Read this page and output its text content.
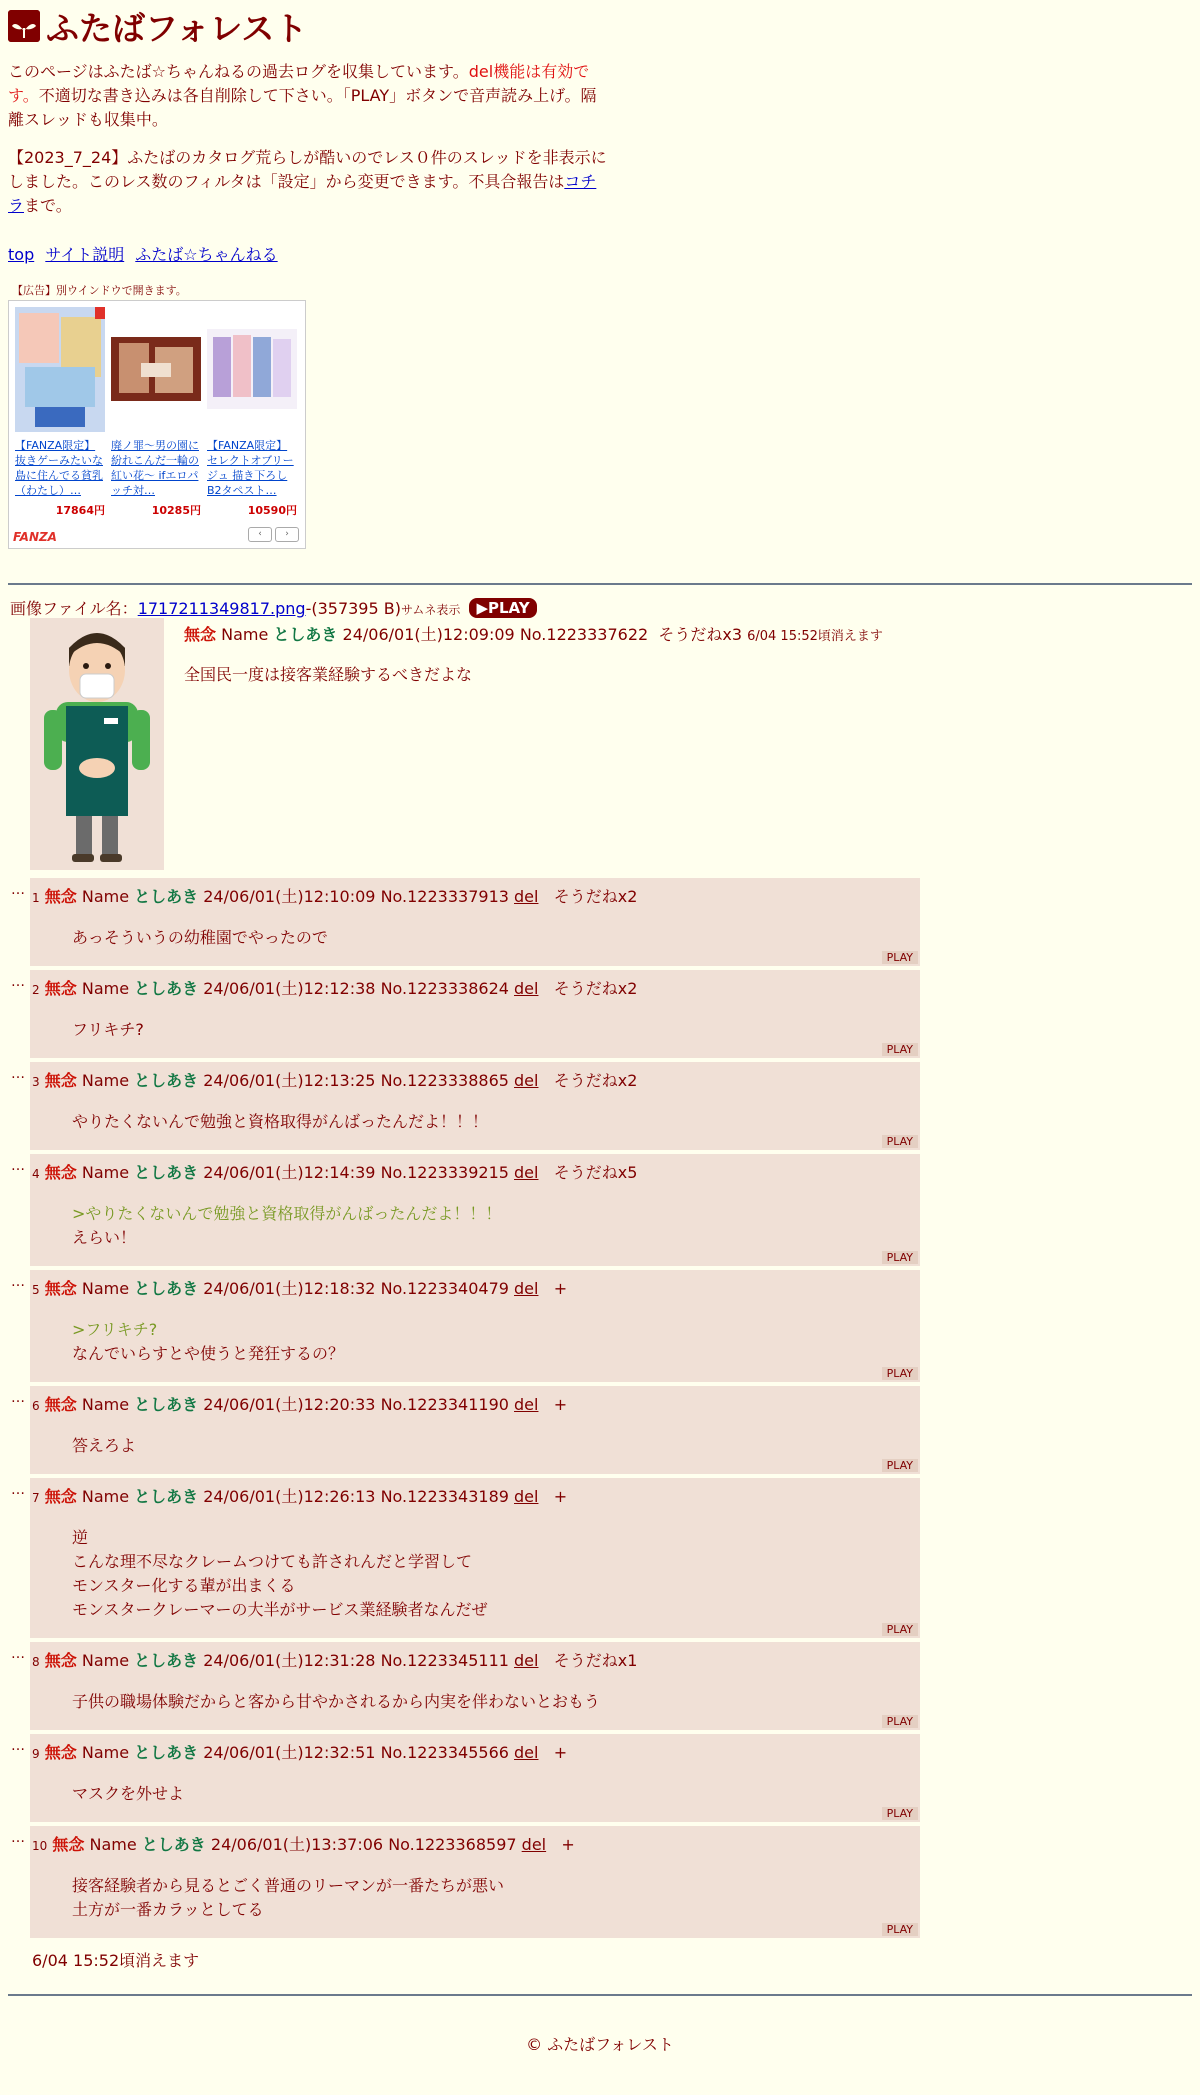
ふたばフォレスト

このページはふたば☆ちゃんねるの過去ログを収集しています。del機能は有効です。不適切な書き込みは各自削除して下さい。「PLAY」ボタンで音声読み上げ。隔離スレッドも収集中。

【2023_7_24】ふたばのカタログ荒らしが酷いのでレス０件のスレッドを非表示にしました。このレス数のフィルタは「設定」から変更できます。不具合報告はコチラまで。

top サイト説明 ふたば☆ちゃんねる
【広告】別ウインドウで開きます。
【FANZA限定】抜きゲーみたいな島に住んでる貧乳（わたし）…
17864円
廃ノ罪〜男の園に紛れこんだ一輪の紅い花〜 ifエロパッチ対…
10285円
【FANZA限定】セレクトオブリージュ 描き下ろしB2タペスト…
10590円
FANZA	‹	›
画像ファイル名：1717211349817.png-(357395 B)サムネ表示 ▶PLAY
無念 Name としあき 24/06/01(土)12:09:09 No.1223337622 そうだねx3 6/04 15:52頃消えます
全国民一度は接客業経験するべきだよな
… 1 無念 Name としあき 24/06/01(土)12:10:09 No.1223337913 del そうだねx2
あっそういうの幼稚園でやったので
PLAY
… 2 無念 Name としあき 24/06/01(土)12:12:38 No.1223338624 del そうだねx2
フリキチ?
PLAY
… 3 無念 Name としあき 24/06/01(土)12:13:25 No.1223338865 del そうだねx2
やりたくないんで勉強と資格取得がんばったんだよ！！！
PLAY
… 4 無念 Name としあき 24/06/01(土)12:14:39 No.1223339215 del そうだねx5
>やりたくないんで勉強と資格取得がんばったんだよ！！！
えらい！
PLAY
… 5 無念 Name としあき 24/06/01(土)12:18:32 No.1223340479 del +
>フリキチ?
なんでいらすとや使うと発狂するの？
PLAY
… 6 無念 Name としあき 24/06/01(土)12:20:33 No.1223341190 del +
答えろよ
PLAY
… 7 無念 Name としあき 24/06/01(土)12:26:13 No.1223343189 del +
逆
こんな理不尽なクレームつけても許されんだと学習して
モンスター化する輩が出まくる
モンスタークレーマーの大半がサービス業経験者なんだぜ
PLAY
… 8 無念 Name としあき 24/06/01(土)12:31:28 No.1223345111 del そうだねx1
子供の職場体験だからと客から甘やかされるから内実を伴わないとおもう
PLAY
… 9 無念 Name としあき 24/06/01(土)12:32:51 No.1223345566 del +
マスクを外せよ
PLAY
… 10 無念 Name としあき 24/06/01(土)13:37:06 No.1223368597 del +
接客経験者から見るとごく普通のリーマンが一番たちが悪い
土方が一番カラッとしてる
PLAY
6/04 15:52頃消えます
© ふたばフォレスト
